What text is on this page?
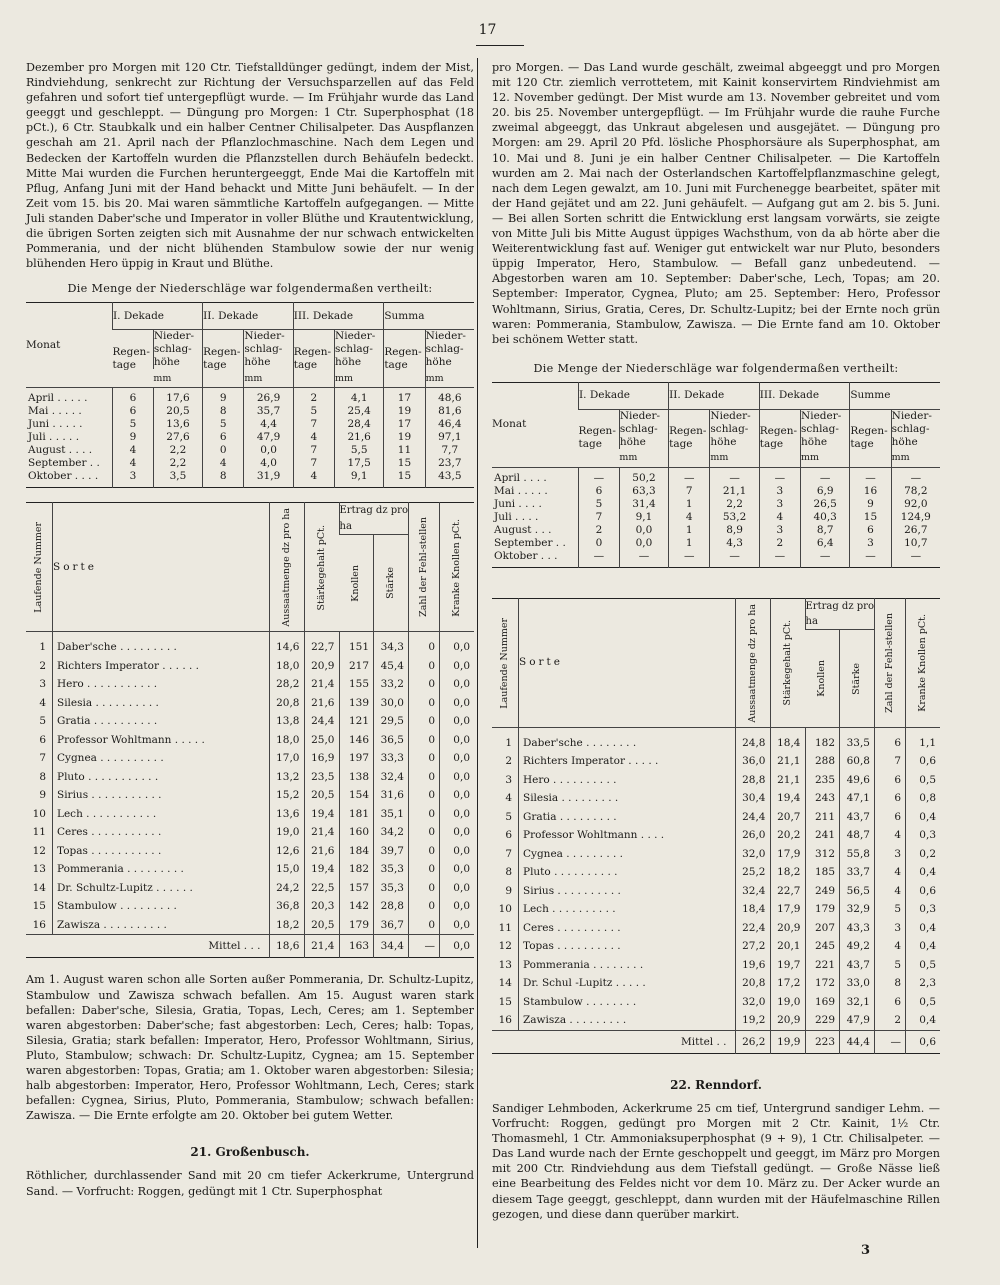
17

Dezember pro Morgen mit 120 Ctr. Tiefstalldünger gedüngt, indem der Mist, Rindviehdung, senkrecht zur Richtung der Versuchsparzellen auf das Feld gefahren und sofort tief untergepflügt wurde. — Im Frühjahr wurde das Land geeggt und geschleppt. — Düngung pro Morgen: 1 Ctr. Superphosphat (18 pCt.), 6 Ctr. Staubkalk und ein halber Centner Chilisalpeter. Das Auspflanzen geschah am 21. April nach der Pflanzlochmaschine. Nach dem Legen und Bedecken der Kartoffeln wurden die Pflanzstellen durch Behäufeln bedeckt. Mitte Mai wurden die Furchen heruntergeeggt, Ende Mai die Kartoffeln mit Pflug, Anfang Juni mit der Hand behackt und Mitte Juni behäufelt. — In der Zeit vom 15. bis 20. Mai waren sämmtliche Kartoffeln aufgegangen. — Mitte Juli standen Daber'sche und Imperator in voller Blüthe und Krautentwicklung, die übrigen Sorten zeigten sich mit Ausnahme der nur schwach entwickelten Pommerania, und der nicht blühenden Stambulow sowie der nur wenig blühenden Hero üppig in Kraut und Blüthe.

Die Menge der Niederschläge war folgendermaßen vertheilt:

Monat	I. Dekade		II. Dekade		III. Dekade		Summa	
	Regen-tage	Nieder-schlag-höhe	Regen-tage	Nieder-schlag-höhe	Regen-tage	Nieder-schlag-höhe	Regen-tage	Nieder-schlag-höhe
		mm		mm		mm		mm
April . . . . .	6	17,6	9	26,9	2	4,1	17	48,6
Mai . . . . .	6	20,5	8	35,7	5	25,4	19	81,6
Juni . . . . .	5	13,6	5	4,4	7	28,4	17	46,4
Juli . . . . .	9	27,6	6	47,9	4	21,6	19	97,1
August . . . .	4	2,2	0	0,0	7	5,5	11	7,7
September . .	4	2,2	4	4,0	7	17,5	15	23,7
Oktober . . . .	3	3,5	8	31,9	4	9,1	15	43,5
Laufende Nummer	Sorte	Aussaatmenge dz pro ha	Stärkegehalt pCt.	Ertrag dz pro ha		Zahl der Fehl-stellen	Kranke Knollen pCt.

				Knollen	Stärke		

1	Daber'sche . . . . . . . . .	14,6	22,7	151	34,3	0	0,0
2	Richters Imperator . . . . . .	18,0	20,9	217	45,4	0	0,0
3	Hero . . . . . . . . . . .	28,2	21,4	155	33,2	0	0,0
4	Silesia . . . . . . . . . .	20,8	21,6	139	30,0	0	0,0
5	Gratia . . . . . . . . . .	13,8	24,4	121	29,5	0	0,0
6	Professor Wohltmann . . . . .	18,0	25,0	146	36,5	0	0,0
7	Cygnea . . . . . . . . . .	17,0	16,9	197	33,3	0	0,0
8	Pluto . . . . . . . . . . .	13,2	23,5	138	32,4	0	0,0
9	Sirius . . . . . . . . . . .	15,2	20,5	154	31,6	0	0,0
10	Lech . . . . . . . . . . .	13,6	19,4	181	35,1	0	0,0
11	Ceres . . . . . . . . . . .	19,0	21,4	160	34,2	0	0,0
12	Topas . . . . . . . . . . .	12,6	21,6	184	39,7	0	0,0
13	Pommerania . . . . . . . . .	15,0	19,4	182	35,3	0	0,0
14	Dr. Schultz-Lupitz . . . . . .	24,2	22,5	157	35,3	0	0,0
15	Stambulow . . . . . . . . .	36,8	20,3	142	28,8	0	0,0
16	Zawisza . . . . . . . . . .	18,2	20,5	179	36,7	0	0,0
Mittel . . .		18,6	21,4	163	34,4	—	0,0

Am 1. August waren schon alle Sorten außer Pommerania, Dr. Schultz-Lupitz, Stambulow und Zawisza schwach befallen. Am 15. August waren stark befallen: Daber'sche, Silesia, Gratia, Topas, Lech, Ceres; am 1. September waren abgestorben: Daber'sche; fast abgestorben: Lech, Ceres; halb: Topas, Silesia, Gratia; stark befallen: Imperator, Hero, Professor Wohltmann, Sirius, Pluto, Stambulow; schwach: Dr. Schultz-Lupitz, Cygnea; am 15. September waren abgestorben: Topas, Gratia; am 1. Oktober waren abgestorben: Silesia; halb abgestorben: Imperator, Hero, Professor Wohltmann, Lech, Ceres; stark befallen: Cygnea, Sirius, Pluto, Pommerania, Stambulow; schwach befallen: Zawisza. — Die Ernte erfolgte am 20. Oktober bei gutem Wetter.

21. Großenbusch.

Röthlicher, durchlassender Sand mit 20 cm tiefer Ackerkrume, Untergrund Sand. — Vorfrucht: Roggen, gedüngt mit 1 Ctr. Superphosphat

pro Morgen. — Das Land wurde geschält, zweimal abgeeggt und pro Morgen mit 120 Ctr. ziemlich verrottetem, mit Kainit konservirtem Rindviehmist am 12. November gedüngt. Der Mist wurde am 13. November gebreitet und vom 20. bis 25. November untergepflügt. — Im Frühjahr wurde die rauhe Furche zweimal abgeeggt, das Unkraut abgelesen und ausgejätet. — Düngung pro Morgen: am 29. April 20 Pfd. lösliche Phosphorsäure als Superphosphat, am 10. Mai und 8. Juni je ein halber Centner Chilisalpeter. — Die Kartoffeln wurden am 2. Mai nach der Osterlandschen Kartoffelpflanzmaschine gelegt, nach dem Legen gewalzt, am 10. Juni mit Furchenegge bearbeitet, später mit der Hand gejätet und am 22. Juni gehäufelt. — Aufgang gut am 2. bis 5. Juni. — Bei allen Sorten schritt die Entwicklung erst langsam vorwärts, sie zeigte von Mitte Juli bis Mitte August üppiges Wachsthum, von da ab hörte aber die Weiterentwicklung fast auf. Weniger gut entwickelt war nur Pluto, besonders üppig Imperator, Hero, Stambulow. — Befall ganz unbedeutend. — Abgestorben waren am 10. September: Daber'sche, Lech, Topas; am 20. September: Imperator, Cygnea, Pluto; am 25. September: Hero, Professor Wohltmann, Sirius, Gratia, Ceres, Dr. Schultz-Lupitz; bei der Ernte noch grün waren: Pommerania, Stambulow, Zawisza. — Die Ernte fand am 10. Oktober bei schönem Wetter statt.

Die Menge der Niederschläge war folgendermaßen vertheilt:

Monat	I. Dekade		II. Dekade		III. Dekade		Summe	
	Regen-tage	Nieder-schlag-höhe	Regen-tage	Nieder-schlag-höhe	Regen-tage	Nieder-schlag-höhe	Regen-tage	Nieder-schlag-höhe
		mm		mm		mm		mm
April . . . .	—	50,2	—	—	—	—	—	—
Mai . . . . .	6	63,3	7	21,1	3	6,9	16	78,2
Juni . . . .	5	31,4	1	2,2	3	26,5	9	92,0
Juli . . . .	7	9,1	4	53,2	4	40,3	15	124,9
August . . .	2	0,0	1	8,9	3	8,7	6	26,7
September . .	0	0,0	1	4,3	2	6,4	3	10,7
Oktober . . .	—	—	—	—	—	—	—	—
Laufende Nummer	Sorte	Aussaatmenge dz pro ha	Stärkegehalt pCt.	Ertrag dz pro ha		Zahl der Fehl-stellen	Kranke Knollen pCt.

				Knollen	Stärke		

1	Daber'sche . . . . . . . .	24,8	18,4	182	33,5	6	1,1
2	Richters Imperator . . . . .	36,0	21,1	288	60,8	7	0,6
3	Hero . . . . . . . . . .	28,8	21,1	235	49,6	6	0,5
4	Silesia . . . . . . . . .	30,4	19,4	243	47,1	6	0,8
5	Gratia . . . . . . . . .	24,4	20,7	211	43,7	6	0,4
6	Professor Wohltmann . . . .	26,0	20,2	241	48,7	4	0,3
7	Cygnea . . . . . . . . .	32,0	17,9	312	55,8	3	0,2
8	Pluto . . . . . . . . . .	25,2	18,2	185	33,7	4	0,4
9	Sirius . . . . . . . . . .	32,4	22,7	249	56,5	4	0,6
10	Lech . . . . . . . . . .	18,4	17,9	179	32,9	5	0,3
11	Ceres . . . . . . . . . .	22,4	20,9	207	43,3	3	0,4
12	Topas . . . . . . . . . .	27,2	20,1	245	49,2	4	0,4
13	Pommerania . . . . . . . .	19,6	19,7	221	43,7	5	0,5
14	Dr. Schul -Lupitz . . . . .	20,8	17,2	172	33,0	8	2,3
15	Stambulow . . . . . . . .	32,0	19,0	169	32,1	6	0,5
16	Zawisza . . . . . . . . .	19,2	20,9	229	47,9	2	0,4
Mittel . .		26,2	19,9	223	44,4	—	0,6
22. Renndorf.

Sandiger Lehmboden, Ackerkrume 25 cm tief, Untergrund sandiger Lehm. — Vorfrucht: Roggen, gedüngt pro Morgen mit 2 Ctr. Kainit, 1½ Ctr. Thomasmehl, 1 Ctr. Ammoniaksuperphosphat (9 + 9), 1 Ctr. Chilisalpeter. — Das Land wurde nach der Ernte geschoppelt und geeggt, im März pro Morgen mit 200 Ctr. Rindviehdung aus dem Tiefstall gedüngt. — Große Nässe ließ eine Bearbeitung des Feldes nicht vor dem 10. März zu. Der Acker wurde an diesem Tage geeggt, geschleppt, dann wurden mit der Häufelmaschine Rillen gezogen, und diese dann querüber markirt.

3
